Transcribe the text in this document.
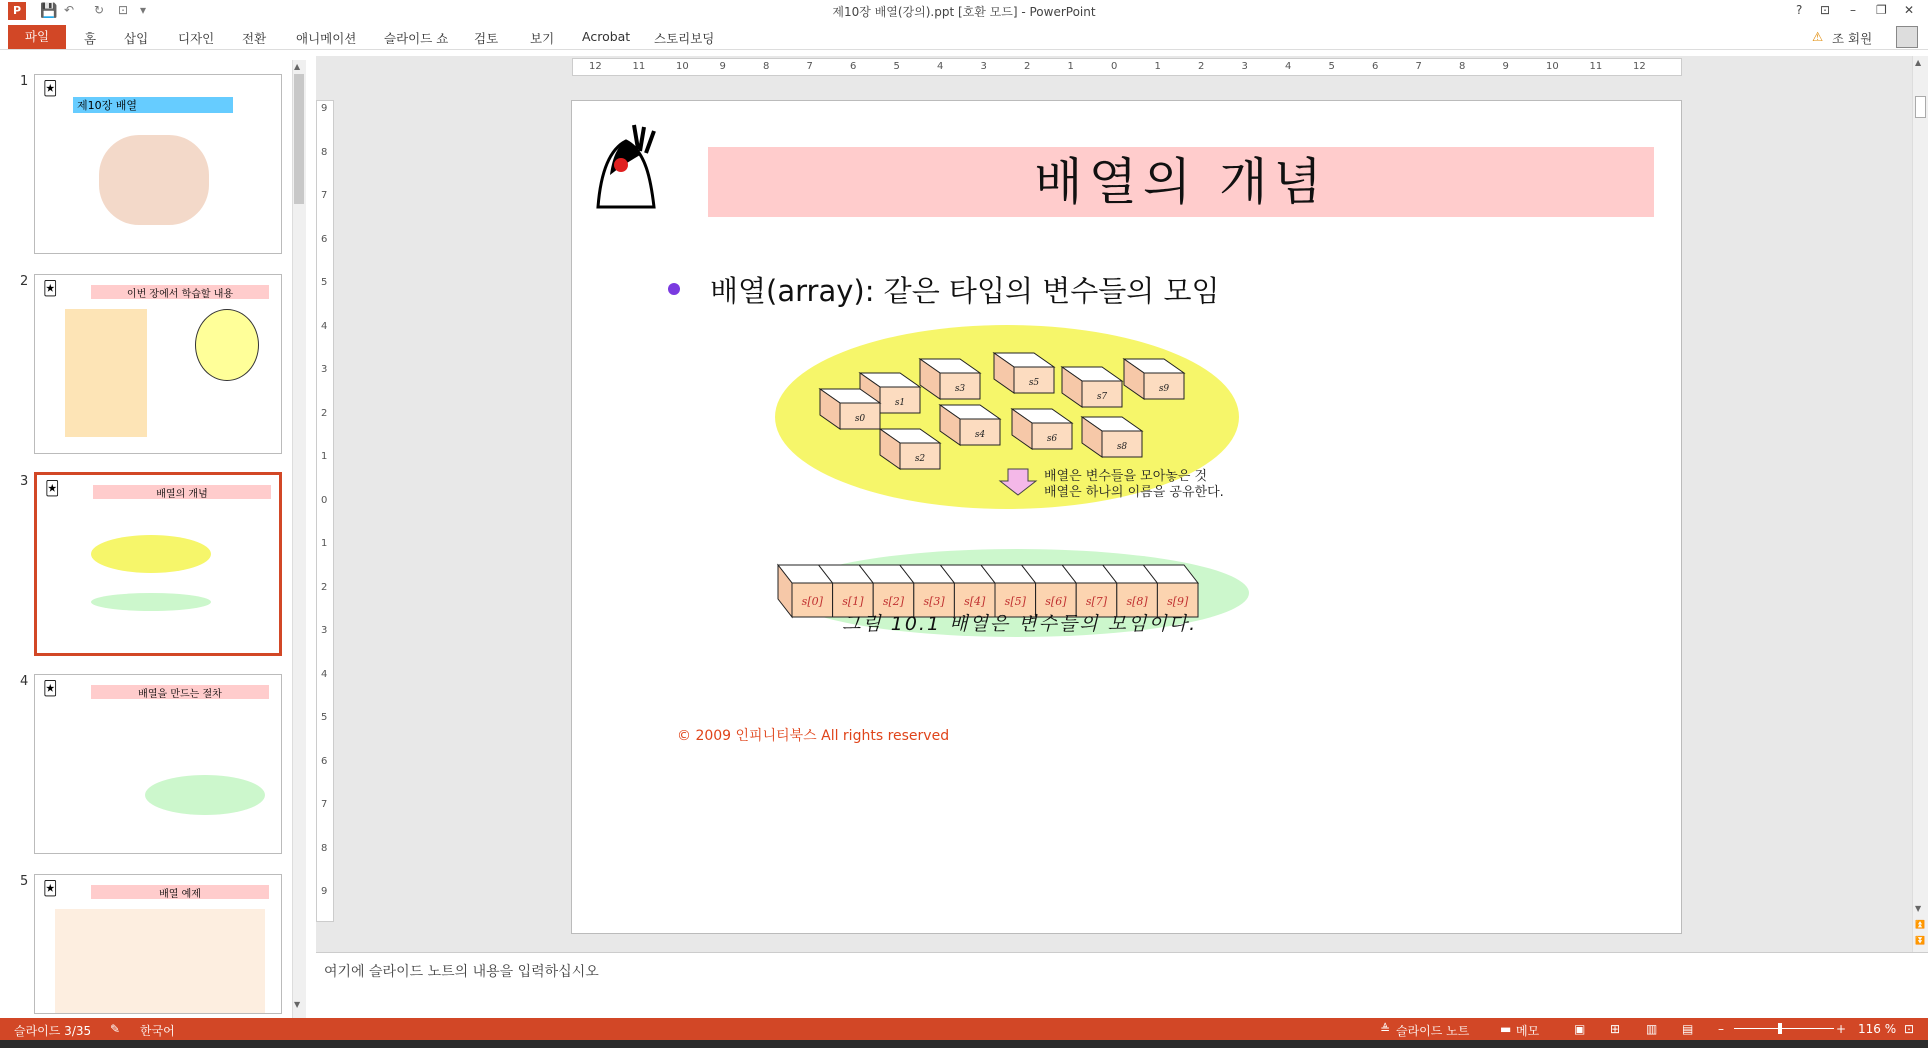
P	💾 ↶ ↻ ⊡ ▾	제10장 배열(강의).ppt [호환 모드] - PowerPoint	? ⊡ – ❐ ✕
파일	홈 삽입 디자인 전환 애니메이션 슬라이드 쇼 검토	보기 Acrobat 스토리보딩	⚠ 조 회원
1 🃏
제10장 배열
2 🃏	이번 장에서 학습할 내용
3 🃏	배열의 개념
4 🃏	배열을 만드는 절차
5 🃏	배열 예제
▲
▼
12	11	10	9	8	7	6	5	4	3	2	1	0	1	2	3	4	5	6	7	8	9	10	11	12
9
8
7
6
5
4
3
2
1
0
1
2
3
4
5
6
7
8
9
배열의 개념
배열(array): 같은 타입의 변수들의 모임
s1
s3
s5
s7
s9
s0
s4	s6
s8
s2
s[0] s[1] s[2] s[3] s[4] s[5] s[6] s[7] s[8] s[9]
배열은 변수들을 모아놓은 것
배열은 하나의 이름을 공유한다.
그림 10.1 배열은 변수들의 모임이다.
© 2009 인피니티북스 All rights reserved
▲
▼
⏫
⏬
여기에 슬라이드 노트의 내용을 입력하십시오
슬라이드 3/35 ✎ 한국어	≜ 슬라이드 노트	▬ 메모	▣ ⊞ ▥ ▤ –	+ 116 % ⊡
